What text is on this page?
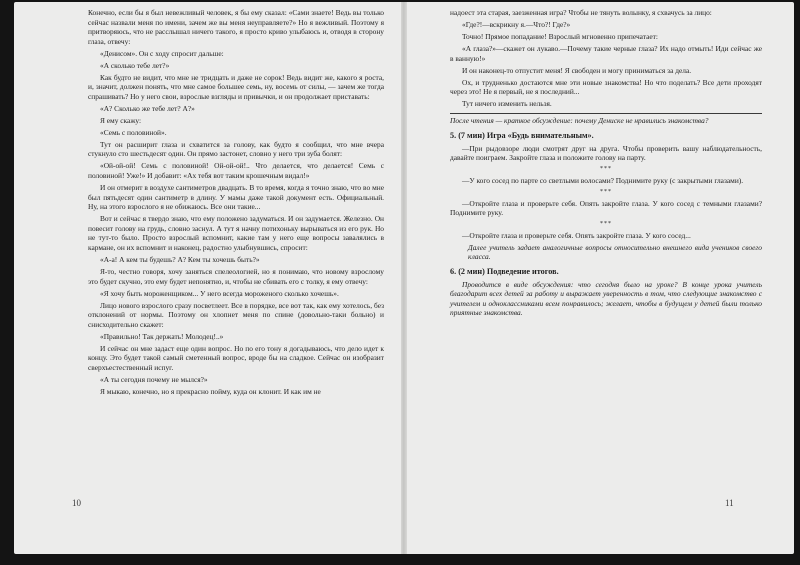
Конечно, если бы я был невежливый человек, я бы ему сказал: «Сами знаете! Ведь вы только сейчас назвали меня по имени, зачем же вы меня неуправляете?» Но я вежливый. Поэтому я притворяюсь, что не расслышал ничего такого, я просто криво улыбаюсь и, отводя в сторону глаза, отвечу:

«Денисом». Он с ходу спросит дальше:

«А сколько тебе лет?»

Как будто не видит, что мне не тридцать и даже не сорок! Ведь видит же, какого я роста, и, значит, должен понять, что мне самое большее семь, ну, восемь от силы, — зачем же тогда спрашивать? Но у него свои, взрослые взгляды и привычки, и он продолжает приставать:

«А? Сколько же тебе лет? А?»

Я ему скажу:

«Семь с половиной».

Тут он расширит глаза и схватится за голову, как будто я сообщил, что мне вчера стукнуло сто шестьдесят один. Он прямо застонет, словно у него три зуба болят:

«Ой-ой-ой! Семь с половиной! Ой-ой-ой!.. Что делается, что делается! Семь с половиной! Уже!» И добавит: «Ах тебя вот таким крошечным видал!»

И он отмерит в воздухе сантиметров двадцать. В то время, когда я точно знаю, что во мне был пятьдесят один сантиметр в длину. У мамы даже такой документ есть. Официальный. Ну, на этого взрослого я не обижаюсь. Все они такие...

Вот и сейчас я твердо знаю, что ему положено задуматься. И он задумается. Железно. Он повесит голову на грудь, словно заснул. А тут я начну потихоньку вырываться из его рук. Но не тут-то было. Просто взрослый вспомнит, какие там у него еще вопросы завалялись в кармане, он их вспомнит и наконец, радостно улыбнувшись, спросит:

«А-а! А кем ты будешь? А? Кем ты хочешь быть?»

Я-то, честно говоря, хочу заняться спелеологией, но я понимаю, что новому взрослому это будет скучно, это ему будет непонятно, и, чтобы не сбивать его с толку, я ему отвечу:

«Я хочу быть мороженщиком... У него всегда мороженого сколько хочешь».

Лицо нового взрослого сразу посветлеет. Все в порядке, все вот так, как ему хотелось, без отклонений от нормы. Поэтому он хлопнет меня по спине (довольно-таки больно) и снисходительно скажет:

«Правильно! Так держать! Молодец!..»

И сейчас он мне задаст еще один вопрос. Но по его тону я догадываюсь, что дело идет к концу. Это будет такой самый сметенный вопрос, вроде бы на сладкое. Сейчас он изобразит сверхъестественный испуг.

«А ты сегодня почему не мылся?»

Я мыкаю, конечно, но я прекрасно пойму, куда он клонит. И как им не

10

надоест эта старая, заезженная игра? Чтобы не тянуть волынку, я схвачусь за лицо:

«Где?!—вскрикну я.—Что?! Где?»

Точно! Прямое попадание! Взрослый мгновенно припечатает:

«А глаза?»—скажет он лукаво.—Почему такие черные глаза? Их надо отмыть! Иди сейчас же в ванную!»

И он наконец-то отпустит меня! Я свободен и могу приниматься за дела.

Ох, и трудненько достаются мне эти новые знакомства! Но что поделать? Все дети проходят через это! Не я первый, не я последний...

Тут ничего изменить нельзя.

После чтения — краткое обсуждение: почему Денискe не нравились знакомства?

5. (7 мин) Игра «Будь внимательным».

—При рыдовзоре люди смотрят друг на друга. Чтобы проверить вашу наблюдательность, давайте поиграем. Закройте глаза и положите голову на парту.

***

—У кого сосед по парте со светлыми волосами? Поднимите руку (с закрытыми глазами).

***

—Откройте глаза и проверьте себя. Опять закройте глаза. У кого сосед с темными глазами? Поднимите руку.

***

—Откройте глаза и проверьте себя. Опять закройте глаза. У кого сосед...

Далее учитель задает аналогичные вопросы относительно внешнего вида учеников своего класса.

6. (2 мин) Подведение итогов.

Проводится в виде обсуждения: что сегодня было на уроке? В конце урока учитель благодарит всех детей за работу и выражает уверенность в том, что следующие знакомство с учителем и одноклассниками всем понравилось; желает, чтобы в будущем у детей были только приятные знакомства.

11
